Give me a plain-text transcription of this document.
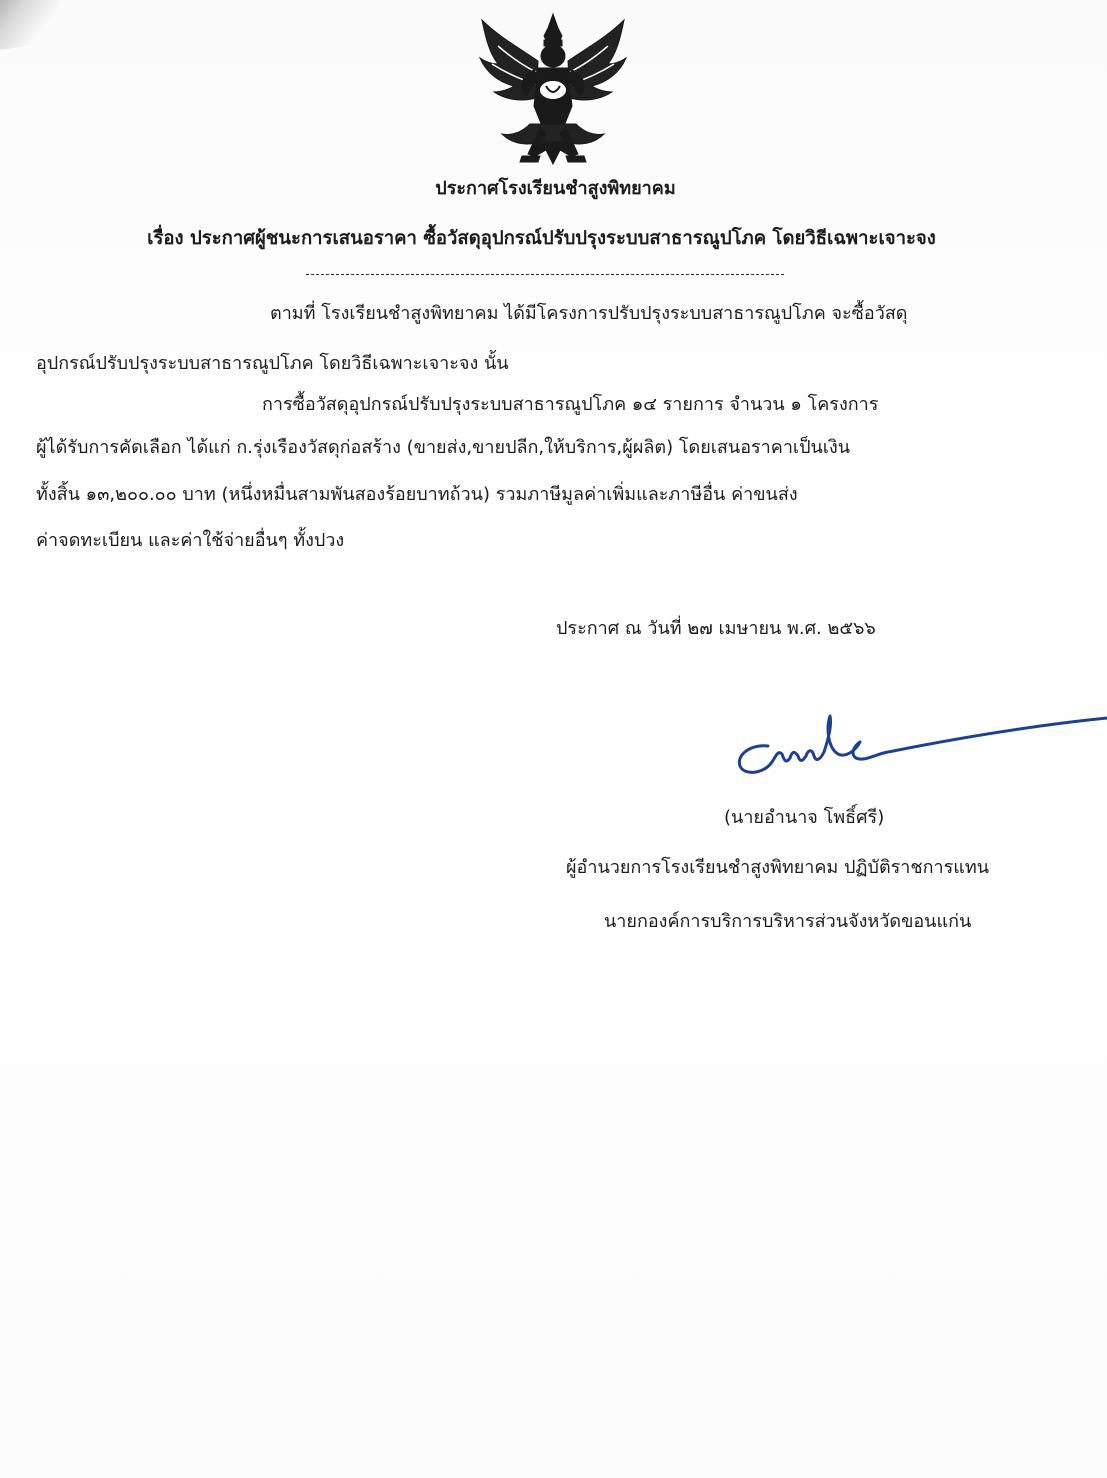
ประกาศโรงเรียนชำสูงพิทยาคม
เรื่อง ประกาศผู้ชนะการเสนอราคา ซื้อวัสดุอุปกรณ์ปรับปรุงระบบสาธารณูปโภค โดยวิธีเฉพาะเจาะจง
ตามที่ โรงเรียนชำสูงพิทยาคม ได้มีโครงการปรับปรุงระบบสาธารณูปโภค จะซื้อวัสดุ
อุปกรณ์ปรับปรุงระบบสาธารณูปโภค โดยวิธีเฉพาะเจาะจง นั้น
การซื้อวัสดุอุปกรณ์ปรับปรุงระบบสาธารณูปโภค ๑๔ รายการ จำนวน ๑ โครงการ
ผู้ได้รับการคัดเลือก ได้แก่ ก.รุ่งเรืองวัสดุก่อสร้าง (ขายส่ง,ขายปลีก,ให้บริการ,ผู้ผลิต) โดยเสนอราคาเป็นเงิน
ทั้งสิ้น ๑๓,๒๐๐.๐๐ บาท (หนึ่งหมื่นสามพันสองร้อยบาทถ้วน) รวมภาษีมูลค่าเพิ่มและภาษีอื่น ค่าขนส่ง
ค่าจดทะเบียน และค่าใช้จ่ายอื่นๆ ทั้งปวง
ประกาศ ณ วันที่ ๒๗ เมษายน พ.ศ. ๒๕๖๖
(นายอำนาจ โพธิ์ศรี)
ผู้อำนวยการโรงเรียนชำสูงพิทยาคม ปฏิบัติราชการแทน
นายกองค์การบริการบริหารส่วนจังหวัดขอนแก่น
